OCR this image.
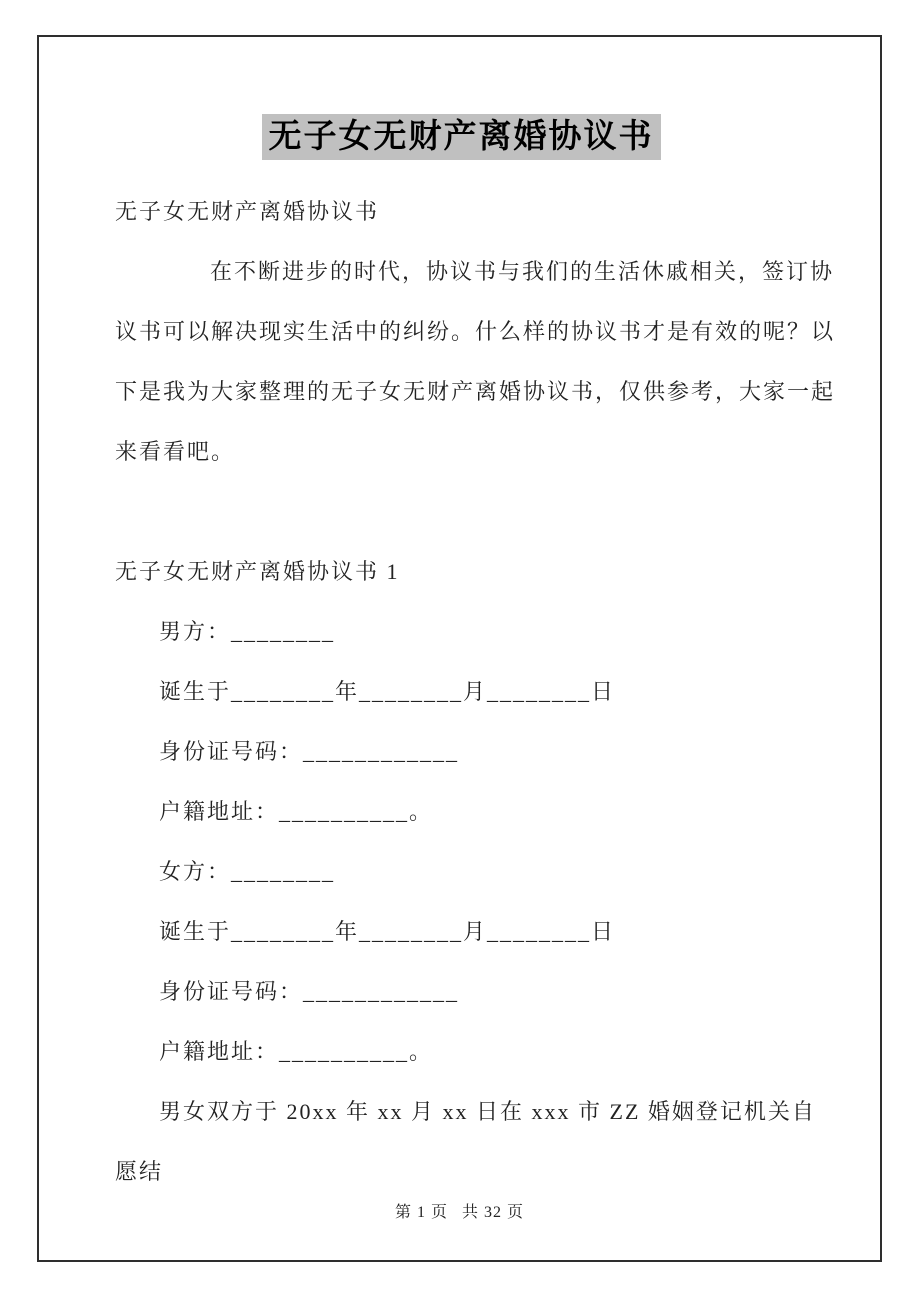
无子女无财产离婚协议书

无子女无财产离婚协议书

在不断进步的时代，协议书与我们的生活休戚相关，签订协议书可以解决现实生活中的纠纷。什么样的协议书才是有效的呢？以下是我为大家整理的无子女无财产离婚协议书，仅供参考，大家一起来看看吧。

无子女无财产离婚协议书 1

男方：________

诞生于________年________月________日

身份证号码：____________

户籍地址：__________。

女方：________

诞生于________年________月________日

身份证号码：____________

户籍地址：__________。

男女双方于 20xx 年 xx 月 xx 日在 xxx 市 ZZ 婚姻登记机关自愿结

第 1 页 共 32 页
